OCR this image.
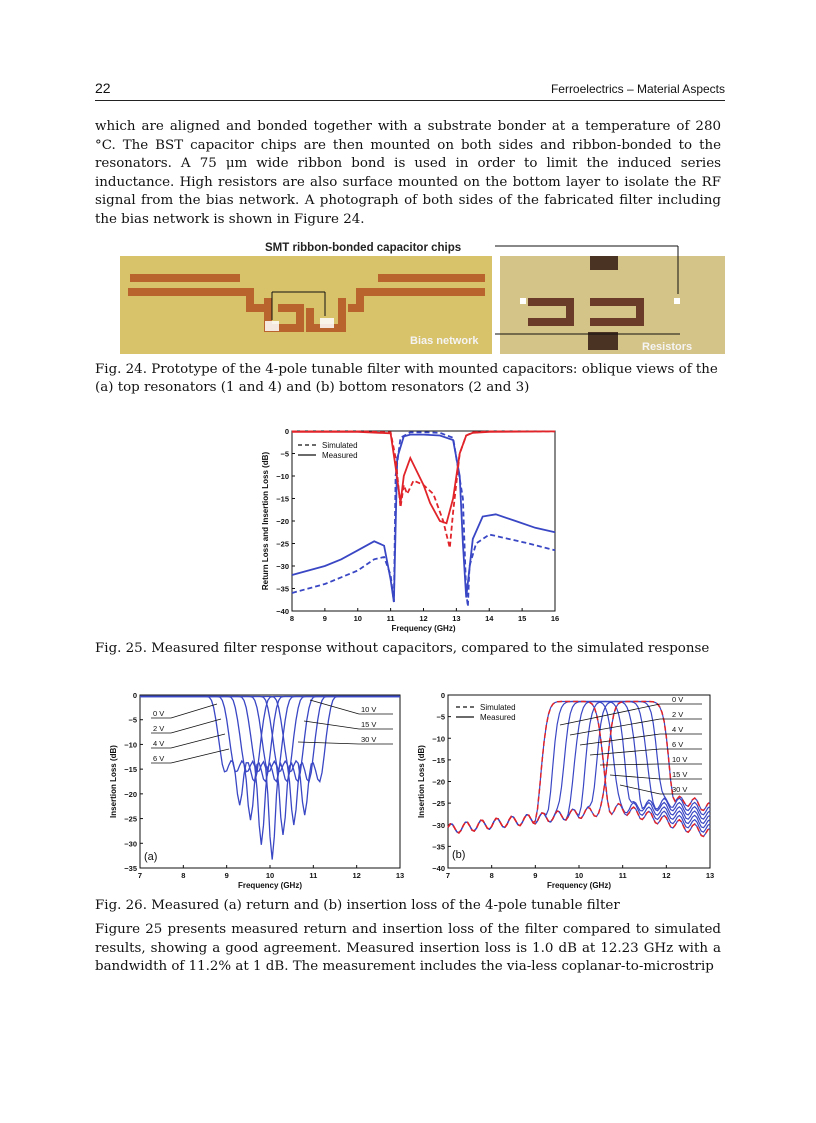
22	Ferroelectrics – Material Aspects

which are aligned and bonded together with a substrate bonder at a temperature of 280 °C. The BST capacitor chips are then mounted on both sides and ribbon-bonded to the resonators. A 75 μm wide ribbon bond is used in order to limit the induced series inductance. High resistors are also surface mounted on the bottom layer to isolate the RF signal from the bias network. A photograph of both sides of the fabricated filter including the bias network is shown in Figure 24.

SMT ribbon-bonded capacitor chips
Bias network	Resistors

Fig. 24. Prototype of the 4-pole tunable filter with mounted capacitors: oblique views of the (a) top resonators (1 and 4) and (b) bottom resonators (2 and 3)

8	9	10	11	12	13	14	15	16
0
−5
−10
−15
−20
−25
−30
−35
−40
Frequency (GHz)
Return Loss and Insertion Loss (dB)
Simulated
Measured

Fig. 25. Measured filter response without capacitors, compared to the simulated response

7	8	9	10	11	12	13
0
−5
−10
−15
−20
−25
−30
−35
Frequency (GHz)
Insertion Loss (dB)
0 V
2 V
4 V
6 V
10 V
15 V
30 V
(a)
7	8	9	10	11	12	13
0
−5
−10
−15
−20
−25
−30
−35
−40
Frequency (GHz)
Insertion Loss (dB)
0 V
2 V
4 V
6 V
10 V
15 V
30 V
Simulated
Measured
(b)

Fig. 26. Measured (a) return and (b) insertion loss of the 4-pole tunable filter

Figure 25 presents measured return and insertion loss of the filter compared to simulated results, showing a good agreement. Measured insertion loss is 1.0 dB at 12.23 GHz with a bandwidth of 11.2% at 1 dB. The measurement includes the via-less coplanar-to-microstrip
